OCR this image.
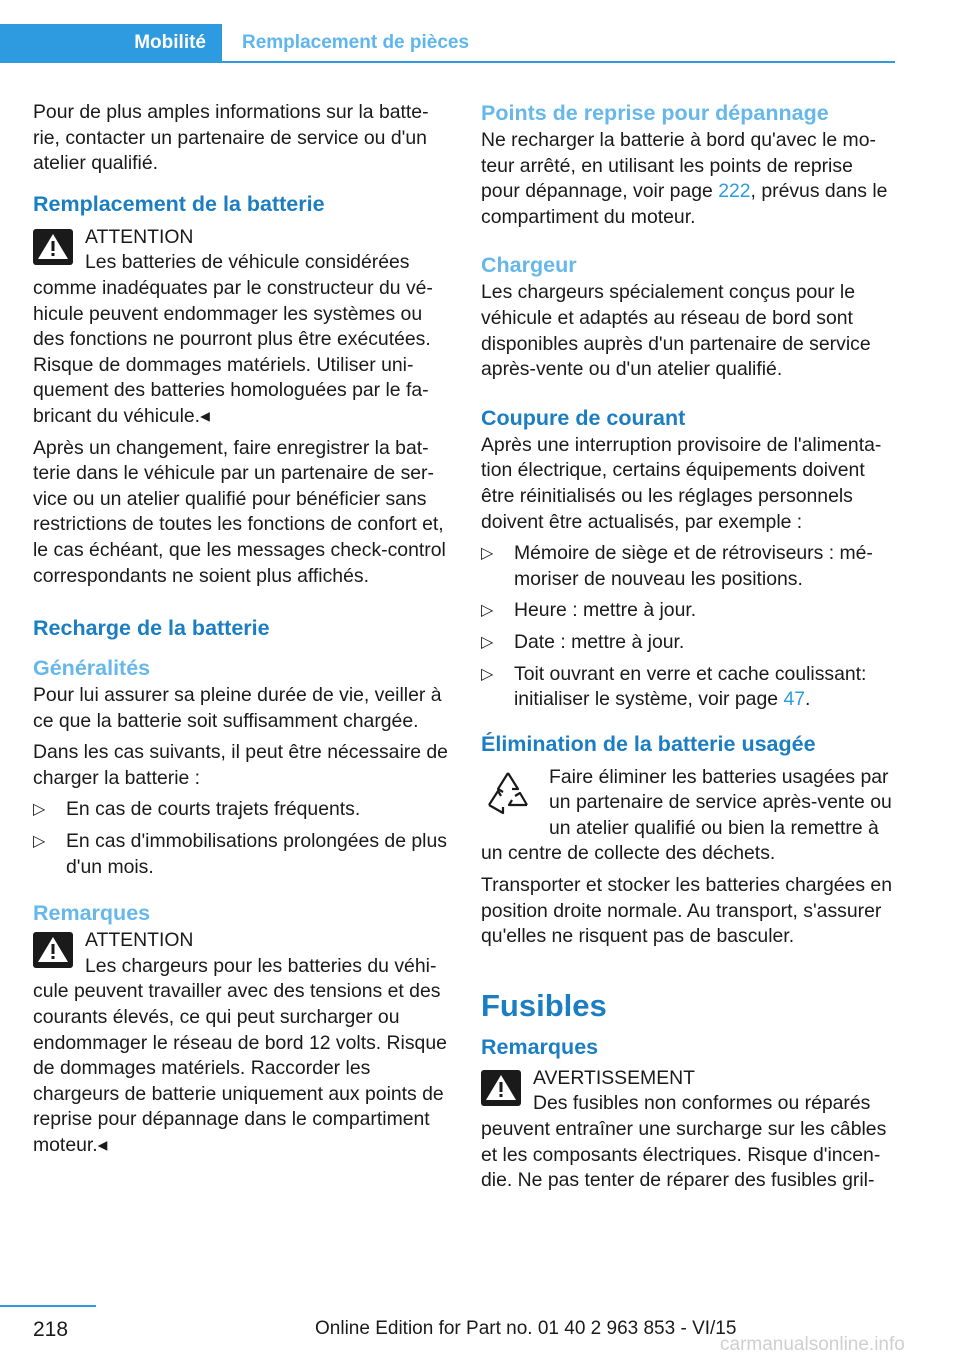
Mobilité	Remplacement de pièces

Pour de plus amples informations sur la batterie, contacter un partenaire de service ou d'un atelier qualifié.

Remplacement de la batterie
ATTENTION
Les batteries de véhicule considérées comme inadéquates par le constructeur du véhicule peuvent endommager les systèmes ou des fonctions ne pourront plus être exécutées. Risque de dommages matériels. Utiliser uniquement des batteries homologuées par le fabricant du véhicule.◂

Après un changement, faire enregistrer la batterie dans le véhicule par un partenaire de service ou un atelier qualifié pour bénéficier sans restrictions de toutes les fonctions de confort et, le cas échéant, que les messages check-control correspondants ne soient plus affichés.

Recharge de la batterie
Généralités

Pour lui assurer sa pleine durée de vie, veiller à ce que la batterie soit suffisamment chargée.

Dans les cas suivants, il peut être nécessaire de charger la batterie :

▷ En cas de courts trajets fréquents.
▷ En cas d'immobilisations prolongées de plus d'un mois.
Remarques
ATTENTION
Les chargeurs pour les batteries du véhicule peuvent travailler avec des tensions et des courants élevés, ce qui peut surcharger ou endommager le réseau de bord 12 volts. Risque de dommages matériels. Raccorder les chargeurs de batterie uniquement aux points de reprise pour dépannage dans le compartiment moteur.◂
Points de reprise pour dépannage

Ne recharger la batterie à bord qu'avec le moteur arrêté, en utilisant les points de reprise pour dépannage, voir page 222, prévus dans le compartiment du moteur.

Chargeur

Les chargeurs spécialement conçus pour le véhicule et adaptés au réseau de bord sont disponibles auprès d'un partenaire de service après-vente ou d'un atelier qualifié.

Coupure de courant

Après une interruption provisoire de l'alimentation électrique, certains équipements doivent être réinitialisés ou les réglages personnels doivent être actualisés, par exemple :

▷ Mémoire de siège et de rétroviseurs : mémoriser de nouveau les positions.
▷ Heure : mettre à jour.
▷ Date : mettre à jour.
▷ Toit ouvrant en verre et cache coulissant: initialiser le système, voir page 47.
Élimination de la batterie usagée

Faire éliminer les batteries usagées par un partenaire de service après-vente ou un atelier qualifié ou bien la remettre à un centre de collecte des déchets.

Transporter et stocker les batteries chargées en position droite normale. Au transport, s'assurer qu'elles ne risquent pas de basculer.

Fusibles
Remarques
AVERTISSEMENT
Des fusibles non conformes ou réparés peuvent entraîner une surcharge sur les câbles et les composants électriques. Risque d'incendie. Ne pas tenter de réparer des fusibles gril-
218	Online Edition for Part no. 01 40 2 963 853 - VI/15
carmanualsonline.info
